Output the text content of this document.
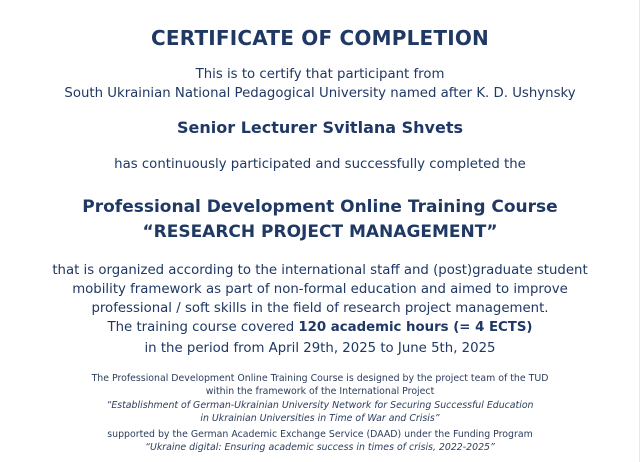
CERTIFICATE OF COMPLETION
This is to certify that participant from
South Ukrainian National Pedagogical University named after K. D. Ushynsky
Senior Lecturer Svitlana Shvets
has continuously participated and successfully completed the
Professional Development Online Training Course
“RESEARCH PROJECT MANAGEMENT”
that is organized according to the international staff and (post)graduate student
mobility framework as part of non-formal education and aimed to improve
professional / soft skills in the field of research project management.
The training course covered 120 academic hours (= 4 ECTS)
in the period from April 29th, 2025 to June 5th, 2025
The Professional Development Online Training Course is designed by the project team of the TUD
within the framework of the International Project
“Establishment of German-Ukrainian University Network for Securing Successful Education
in Ukrainian Universities in Time of War and Crisis”
supported by the German Academic Exchange Service (DAAD) under the Funding Program
“Ukraine digital: Ensuring academic success in times of crisis, 2022-2025”
